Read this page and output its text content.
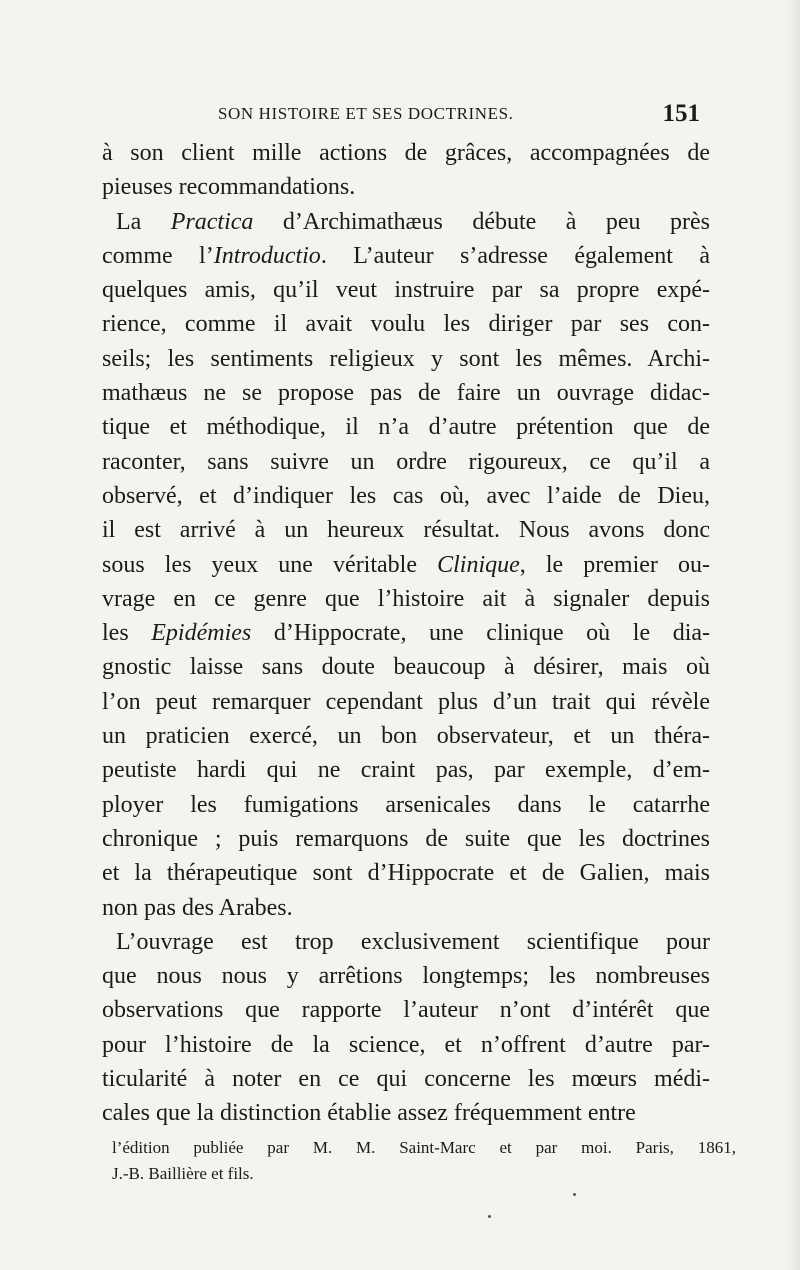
SON HISTOIRE ET SES DOCTRINES.	151
à son client mille actions de grâces, accompagnées de
pieuses recommandations.
La Practica d’Archimathæus débute à peu près
comme l’Introductio. L’auteur s’adresse également à
quelques amis, qu’il veut instruire par sa propre expé-
rience, comme il avait voulu les diriger par ses con-
seils; les sentiments religieux y sont les mêmes. Archi-
mathæus ne se propose pas de faire un ouvrage didac-
tique et méthodique, il n’a d’autre prétention que de
raconter, sans suivre un ordre rigoureux, ce qu’il a
observé, et d’indiquer les cas où, avec l’aide de Dieu,
il est arrivé à un heureux résultat. Nous avons donc
sous les yeux une véritable Clinique, le premier ou-
vrage en ce genre que l’histoire ait à signaler depuis
les Epidémies d’Hippocrate, une clinique où le dia-
gnostic laisse sans doute beaucoup à désirer, mais où
l’on peut remarquer cependant plus d’un trait qui révèle
un praticien exercé, un bon observateur, et un théra-
peutiste hardi qui ne craint pas, par exemple, d’em-
ployer les fumigations arsenicales dans le catarrhe
chronique ; puis remarquons de suite que les doctrines
et la thérapeutique sont d’Hippocrate et de Galien, mais
non pas des Arabes.
L’ouvrage est trop exclusivement scientifique pour
que nous nous y arrêtions longtemps; les nombreuses
observations que rapporte l’auteur n’ont d’intérêt que
pour l’histoire de la science, et n’offrent d’autre par-
ticularité à noter en ce qui concerne les mœurs médi-
cales que la distinction établie assez fréquemment entre
l’édition publiée par M. M. Saint-Marc et par moi. Paris, 1861,
J.-B. Baillière et fils.
